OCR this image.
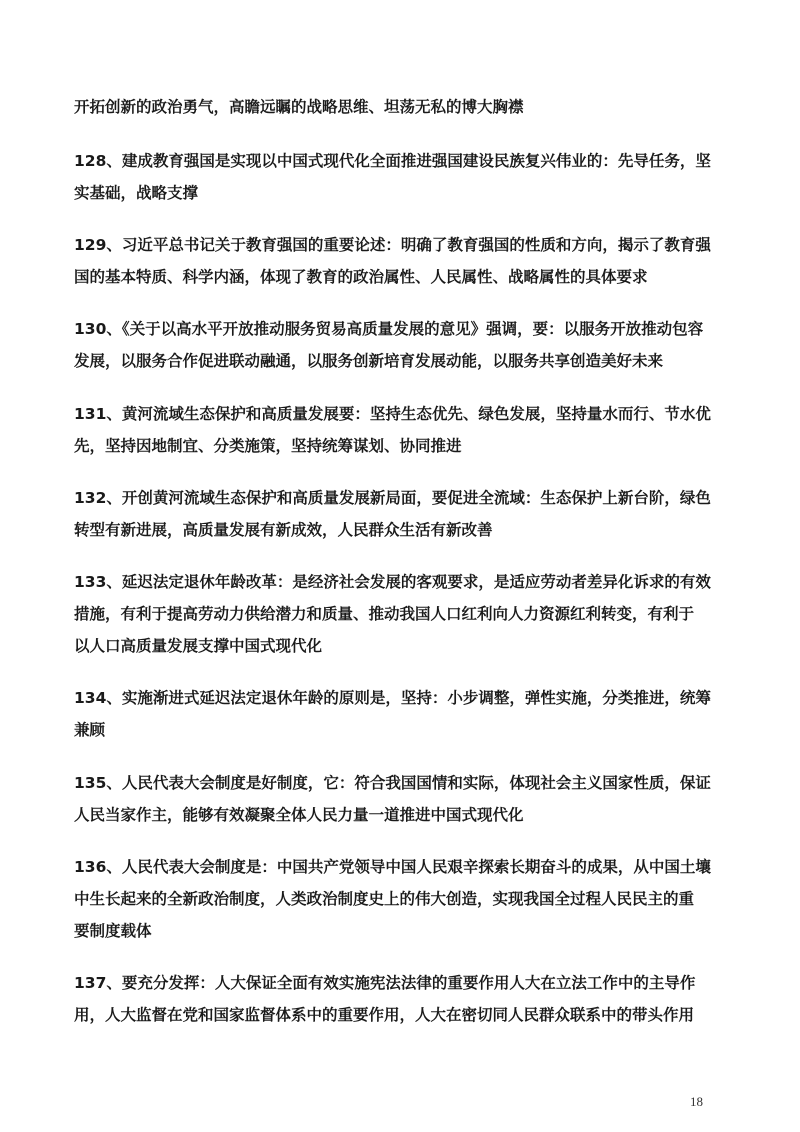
开拓创新的政治勇气，高瞻远瞩的战略思维、坦荡无私的博大胸襟
128、建成教育强国是实现以中国式现代化全面推进强国建设民族复兴伟业的：先导任务，坚
实基础，战略支撑
129、习近平总书记关于教育强国的重要论述：明确了教育强国的性质和方向，揭示了教育强
国的基本特质、科学内涵，体现了教育的政治属性、人民属性、战略属性的具体要求
130、《关于以高水平开放推动服务贸易高质量发展的意见》强调，要：以服务开放推动包容
发展，以服务合作促进联动融通，以服务创新培育发展动能，以服务共享创造美好未来
131、黄河流域生态保护和高质量发展要：坚持生态优先、绿色发展，坚持量水而行、节水优
先，坚持因地制宜、分类施策，坚持统筹谋划、协同推进
132、开创黄河流域生态保护和高质量发展新局面，要促进全流域：生态保护上新台阶，绿色
转型有新进展，高质量发展有新成效，人民群众生活有新改善
133、延迟法定退休年龄改革：是经济社会发展的客观要求，是适应劳动者差异化诉求的有效
措施，有利于提高劳动力供给潜力和质量、推动我国人口红利向人力资源红利转变，有利于
以人口高质量发展支撑中国式现代化
134、实施渐进式延迟法定退休年龄的原则是，坚持：小步调整，弹性实施，分类推进，统筹
兼顾
135、人民代表大会制度是好制度，它：符合我国国情和实际，体现社会主义国家性质，保证
人民当家作主，能够有效凝聚全体人民力量一道推进中国式现代化
136、人民代表大会制度是：中国共产党领导中国人民艰辛探索长期奋斗的成果，从中国土壤
中生长起来的全新政治制度，人类政治制度史上的伟大创造，实现我国全过程人民民主的重
要制度载体
137、要充分发挥：人大保证全面有效实施宪法法律的重要作用人大在立法工作中的主导作
用，人大监督在党和国家监督体系中的重要作用，人大在密切同人民群众联系中的带头作用
18
